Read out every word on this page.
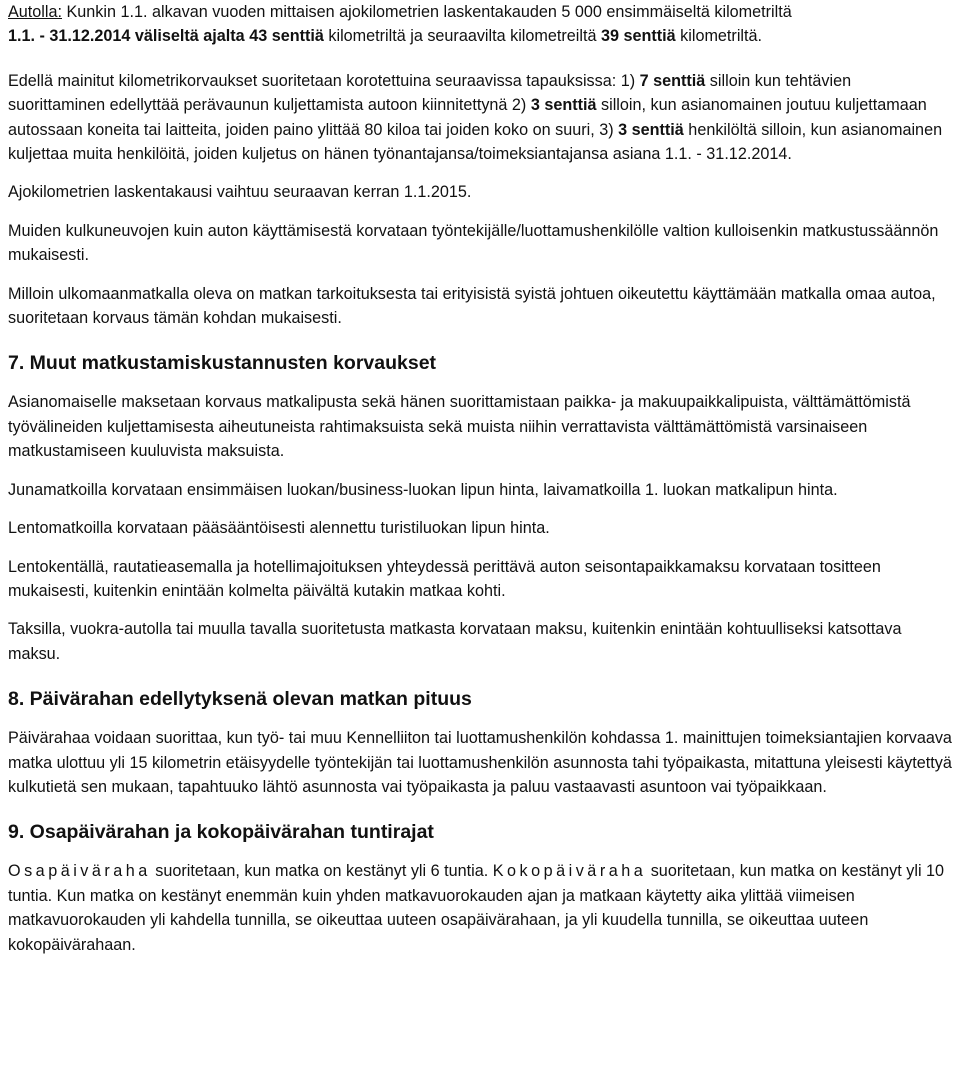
Autolla: Kunkin 1.1. alkavan vuoden mittaisen ajokilometrien laskentakauden 5 000 ensimmäiseltä kilometriltä
1.1. - 31.12.2014 väliseltä ajalta 43 senttiä kilometriltä ja seuraavilta kilometreiltä 39 senttiä kilometriltä.

Edellä mainitut kilometrikorvaukset suoritetaan korotettuina seuraavissa tapauksissa: 1) 7 senttiä silloin kun tehtävien suorittaminen edellyttää perävaunun kuljettamista autoon kiinnitettynä 2) 3 senttiä silloin, kun asianomainen joutuu kuljettamaan autossaan koneita tai laitteita, joiden paino ylittää 80 kiloa tai joiden koko on suuri, 3) 3 senttiä henkilöltä silloin, kun asianomainen kuljettaa muita henkilöitä, joiden kuljetus on hänen työnantajansa/toimeksiantajansa asiana 1.1. - 31.12.2014.

Ajokilometrien laskentakausi vaihtuu seuraavan kerran 1.1.2015.

Muiden kulkuneuvojen kuin auton käyttämisestä korvataan työntekijälle/luottamushenkilölle valtion kulloisenkin matkustussäännön mukaisesti.

Milloin ulkomaanmatkalla oleva on matkan tarkoituksesta tai erityisistä syistä johtuen oikeutettu käyttämään matkalla omaa autoa, suoritetaan korvaus tämän kohdan mukaisesti.

7. Muut matkustamiskustannusten korvaukset

Asianomaiselle maksetaan korvaus matkalipusta sekä hänen suorittamistaan paikka- ja makuupaikkalipuista, välttämättömistä työvälineiden kuljettamisesta aiheutuneista rahtimaksuista sekä muista niihin verrattavista välttämättömistä varsinaiseen matkustamiseen kuuluvista maksuista.

Junamatkoilla korvataan ensimmäisen luokan/business-luokan lipun hinta, laivamatkoilla 1. luokan matkalipun hinta.

Lentomatkoilla korvataan pääsääntöisesti alennettu turistiluokan lipun hinta.

Lentokentällä, rautatieasemalla ja hotellimajoituksen yhteydessä perittävä auton seisontapaikkamaksu korvataan tositteen mukaisesti, kuitenkin enintään kolmelta päivältä kutakin matkaa kohti.

Taksilla, vuokra-autolla tai muulla tavalla suoritetusta matkasta korvataan maksu, kuitenkin enintään kohtuulliseksi katsottava maksu.

8. Päivärahan edellytyksenä olevan matkan pituus

Päivärahaa voidaan suorittaa, kun työ- tai muu Kennelliiton tai luottamushenkilön kohdassa 1. mainittujen toimeksiantajien korvaava matka ulottuu yli 15 kilometrin etäisyydelle työntekijän tai luottamushenkilön asunnosta tahi työpaikasta, mitattuna yleisesti käytettyä kulkutietä sen mukaan, tapahtuuko lähtö asunnosta vai työpaikasta ja paluu vastaavasti asuntoon vai työpaikkaan.

9. Osapäivärahan ja kokopäivärahan tuntirajat

Osapäiväraha suoritetaan, kun matka on kestänyt yli 6 tuntia. Kokopäiväraha suoritetaan, kun matka on kestänyt yli 10 tuntia. Kun matka on kestänyt enemmän kuin yhden matkavuorokauden ajan ja matkaan käytetty aika ylittää viimeisen matkavuorokauden yli kahdella tunnilla, se oikeuttaa uuteen osapäivärahaan, ja yli kuudella tunnilla, se oikeuttaa uuteen kokopäivärahaan.
